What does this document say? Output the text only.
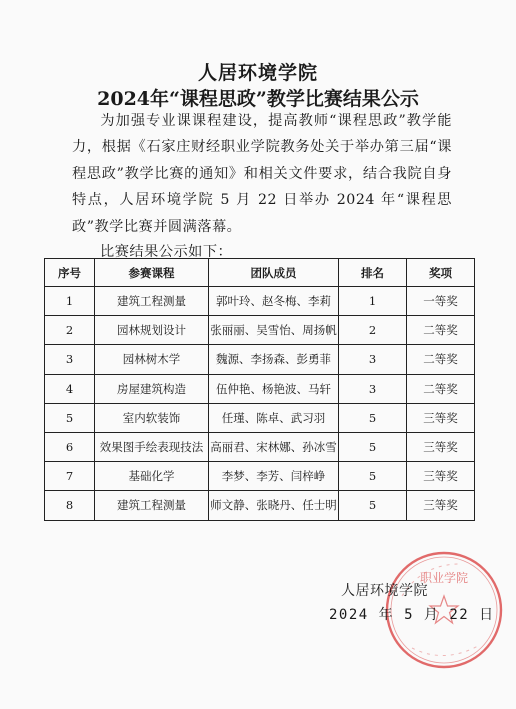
人居环境学院
2024年“课程思政”教学比赛结果公示
为加强专业课课程建设，提高教师“课程思政”教学能力，根据《石家庄财经职业学院教务处关于举办第三届“课程思政”教学比赛的通知》和相关文件要求，结合我院自身特点，人居环境学院 5 月 22 日举办 2024 年“课程思政”教学比赛并圆满落幕。
比赛结果公示如下：
序号	参赛课程	团队成员	排名	奖项
1	建筑工程测量	郭叶玲、赵冬梅、李莉	1	一等奖
2	园林规划设计	张丽丽、吴雪怡、周扬帆	2	二等奖
3	园林树木学	魏源、李扬森、彭勇菲	3	二等奖
4	房屋建筑构造	伍仲艳、杨艳波、马轩	3	二等奖
5	室内软装饰	任瑾、陈卓、武习羽	5	三等奖
6	效果图手绘表现技法	高丽君、宋林娜、孙冰雪	5	三等奖
7	基础化学	李梦、李芳、闫梓峥	5	三等奖
8	建筑工程测量	师文静、张晓丹、任士明	5	三等奖
职业学院
人居环境学院
2024 年 5 月 22 日
